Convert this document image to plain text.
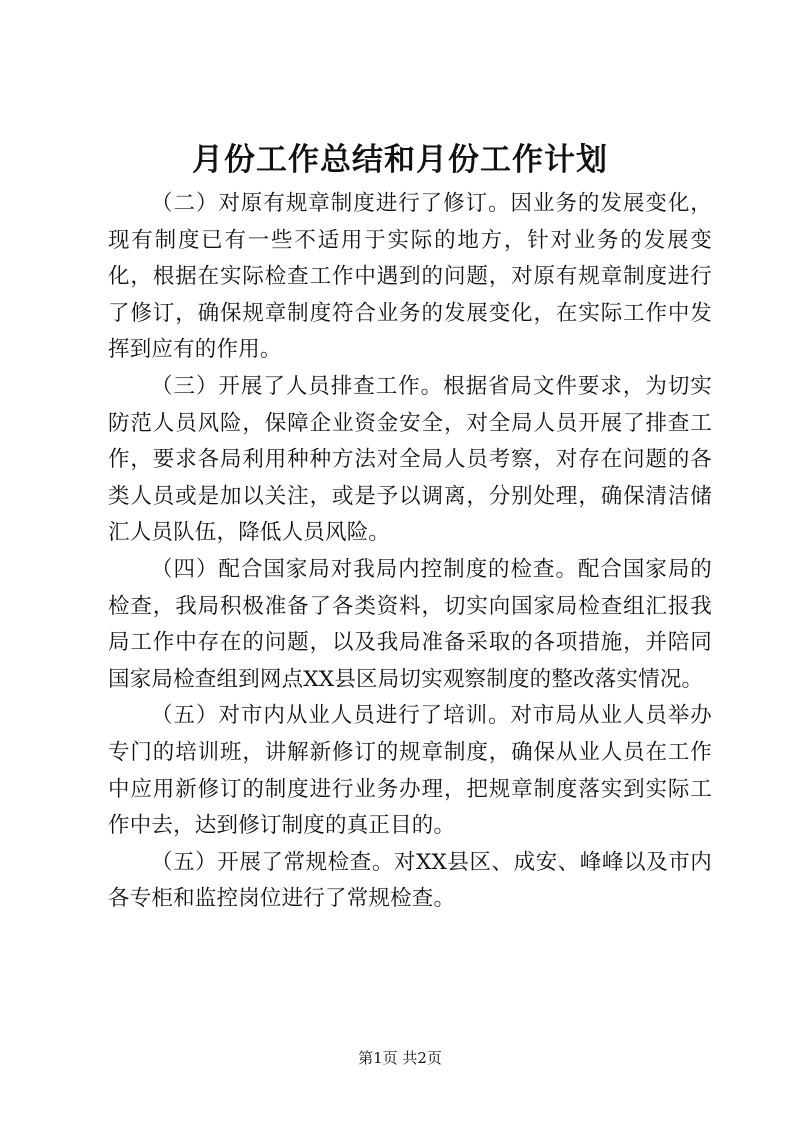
月份工作总结和月份工作计划

（二）对原有规章制度进行了修订。因业务的发展变化，现有制度已有一些不适用于实际的地方，针对业务的发展变化，根据在实际检查工作中遇到的问题，对原有规章制度进行了修订，确保规章制度符合业务的发展变化，在实际工作中发挥到应有的作用。

（三）开展了人员排查工作。根据省局文件要求，为切实防范人员风险，保障企业资金安全，对全局人员开展了排查工作，要求各局利用种种方法对全局人员考察，对存在问题的各类人员或是加以关注，或是予以调离，分别处理，确保清洁储汇人员队伍，降低人员风险。

（四）配合国家局对我局内控制度的检查。配合国家局的检查，我局积极准备了各类资料，切实向国家局检查组汇报我局工作中存在的问题，以及我局准备采取的各项措施，并陪同国家局检查组到网点XX县区局切实观察制度的整改落实情况。

（五）对市内从业人员进行了培训。对市局从业人员举办专门的培训班，讲解新修订的规章制度，确保从业人员在工作中应用新修订的制度进行业务办理，把规章制度落实到实际工作中去，达到修订制度的真正目的。

（五）开展了常规检查。对XX县区、成安、峰峰以及市内各专柜和监控岗位进行了常规检查。

第1页 共2页
